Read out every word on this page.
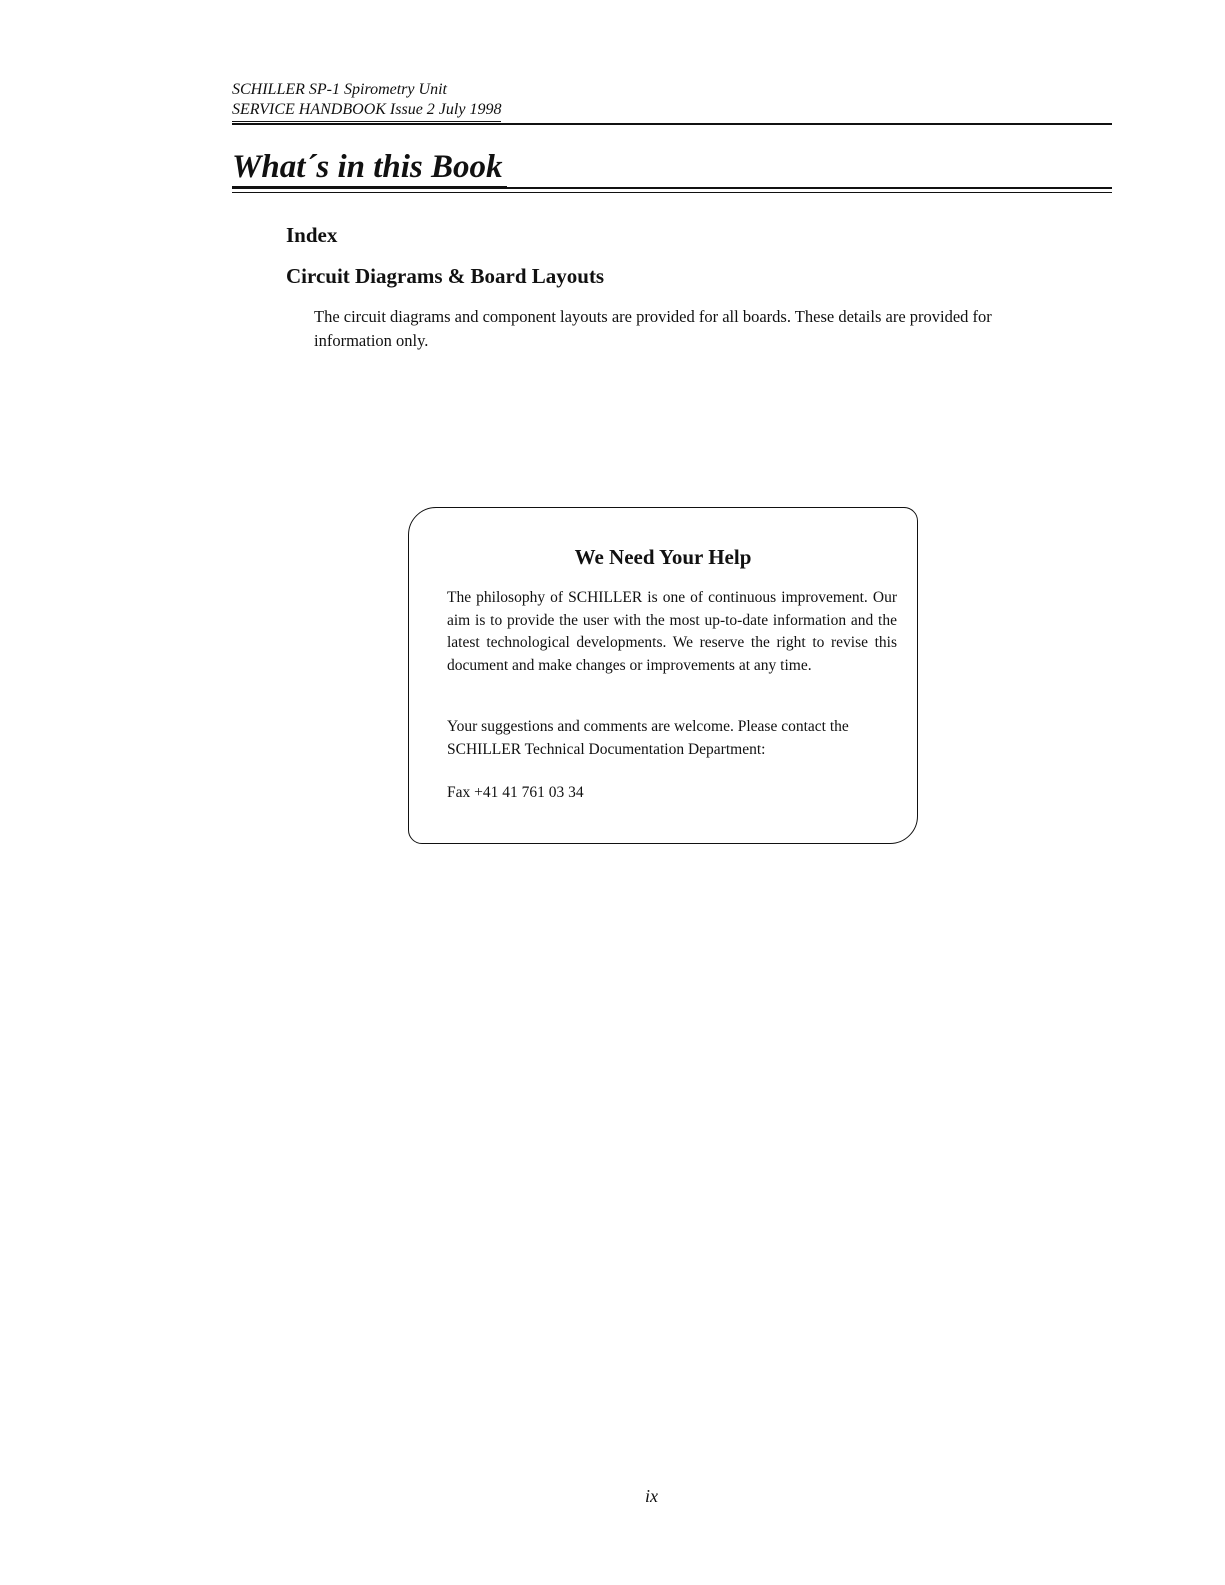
SCHILLER SP-1 Spirometry Unit
SERVICE HANDBOOK Issue 2 July 1998
What´s in this Book
Index
Circuit Diagrams & Board Layouts
The circuit diagrams and component layouts are provided for all boards. These details are provided for information only.
We Need Your Help

The philosophy of SCHILLER is one of continuous improvement. Our aim is to provide the user with the most up-to-date information and the latest technological developments. We reserve the right to revise this document and make changes or improvements at any time.

Your suggestions and comments are welcome. Please contact the SCHILLER Technical Documentation Department:

Fax +41 41 761 03 34

ix
